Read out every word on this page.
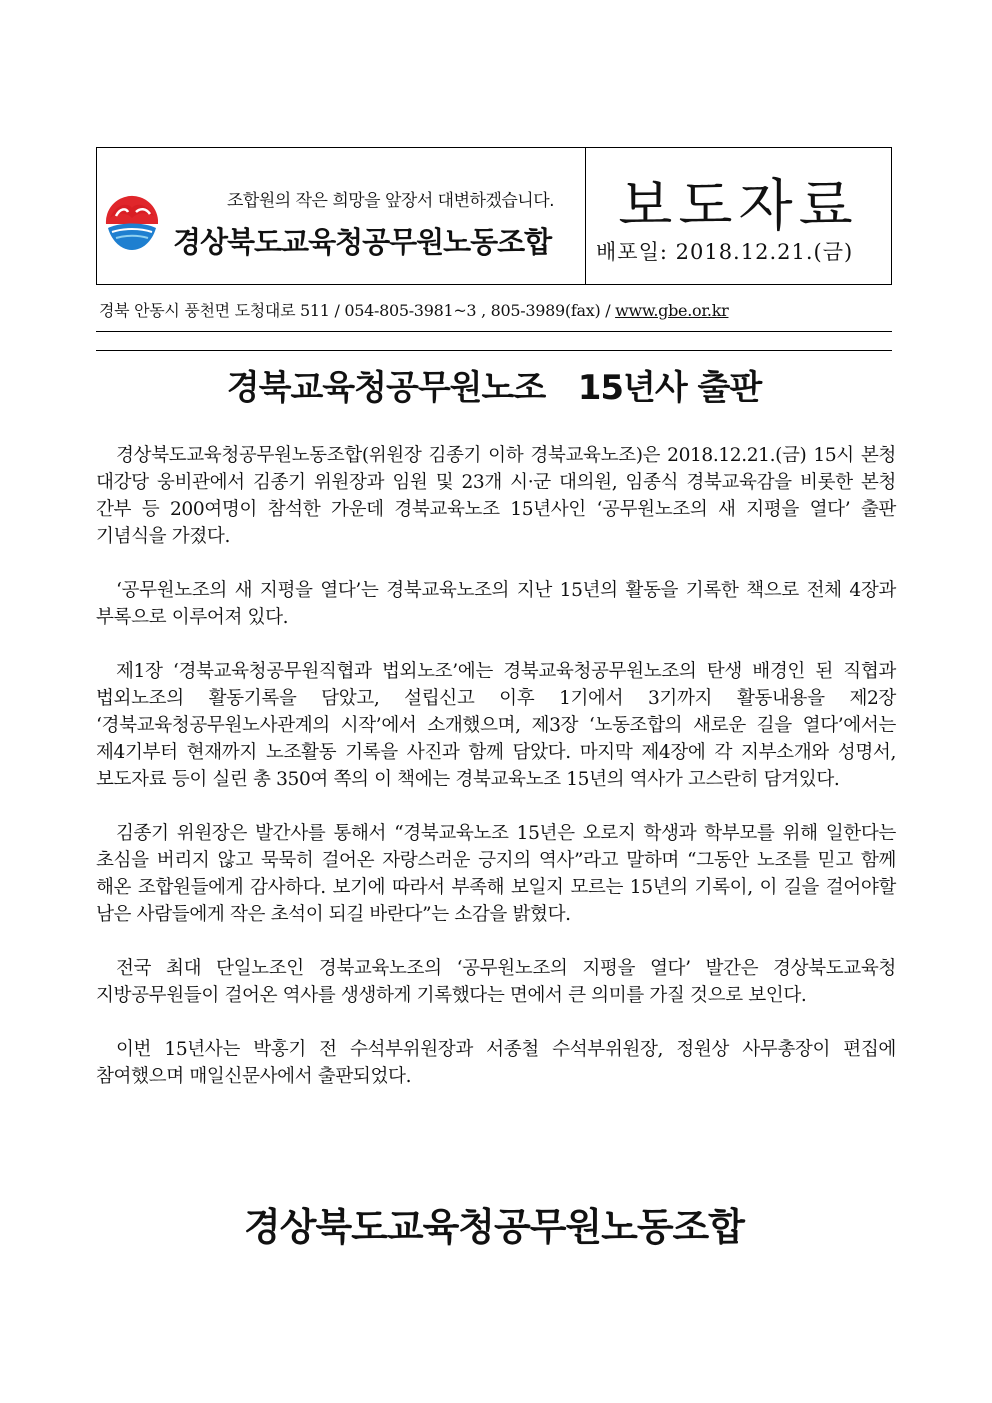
조합원의 작은 희망을 앞장서 대변하겠습니다.
경상북도교육청공무원노동조합
보도자료
배포일: 2018.12.21.(금)
경북 안동시 풍천면 도청대로 511 / 054-805-3981~3 , 805-3989(fax) / www.gbe.or.kr
경북교육청공무원노조   15년사 출판

경상북도교육청공무원노동조합(위원장 김종기 이하 경북교육노조)은 2018.12.21.(금) 15시 본청 대강당 웅비관에서 김종기 위원장과 임원 및 23개 시·군 대의원, 임종식 경북교육감을 비롯한 본청 간부 등 200여명이 참석한 가운데 경북교육노조 15년사인 ‘공무원노조의 새 지평을 열다’ 출판 기념식을 가졌다.

‘공무원노조의 새 지평을 열다’는 경북교육노조의 지난 15년의 활동을 기록한 책으로 전체 4장과 부록으로 이루어져 있다.

제1장 ‘경북교육청공무원직협과 법외노조’에는 경북교육청공무원노조의 탄생 배경인 된 직협과 법외노조의 활동기록을 담았고, 설립신고 이후 1기에서 3기까지 활동내용을 제2장 ‘경북교육청공무원노사관계의 시작’에서 소개했으며, 제3장 ‘노동조합의 새로운 길을 열다’에서는 제4기부터 현재까지 노조활동 기록을 사진과 함께 담았다. 마지막 제4장에 각 지부소개와 성명서, 보도자료 등이 실린 총 350여 쪽의 이 책에는 경북교육노조 15년의 역사가 고스란히 담겨있다.

김종기 위원장은 발간사를 통해서 “경북교육노조 15년은 오로지 학생과 학부모를 위해 일한다는 초심을 버리지 않고 묵묵히 걸어온 자랑스러운 긍지의 역사”라고 말하며 “그동안 노조를 믿고 함께 해온 조합원들에게 감사하다. 보기에 따라서 부족해 보일지 모르는 15년의 기록이, 이 길을 걸어야할 남은 사람들에게 작은 초석이 되길 바란다”는 소감을 밝혔다.

전국 최대 단일노조인 경북교육노조의 ‘공무원노조의 지평을 열다’ 발간은 경상북도교육청 지방공무원들이 걸어온 역사를 생생하게 기록했다는 면에서 큰 의미를 가질 것으로 보인다.

이번 15년사는 박홍기 전 수석부위원장과 서종철 수석부위원장, 정원상 사무총장이 편집에 참여했으며 매일신문사에서 출판되었다.

경상북도교육청공무원노동조합
